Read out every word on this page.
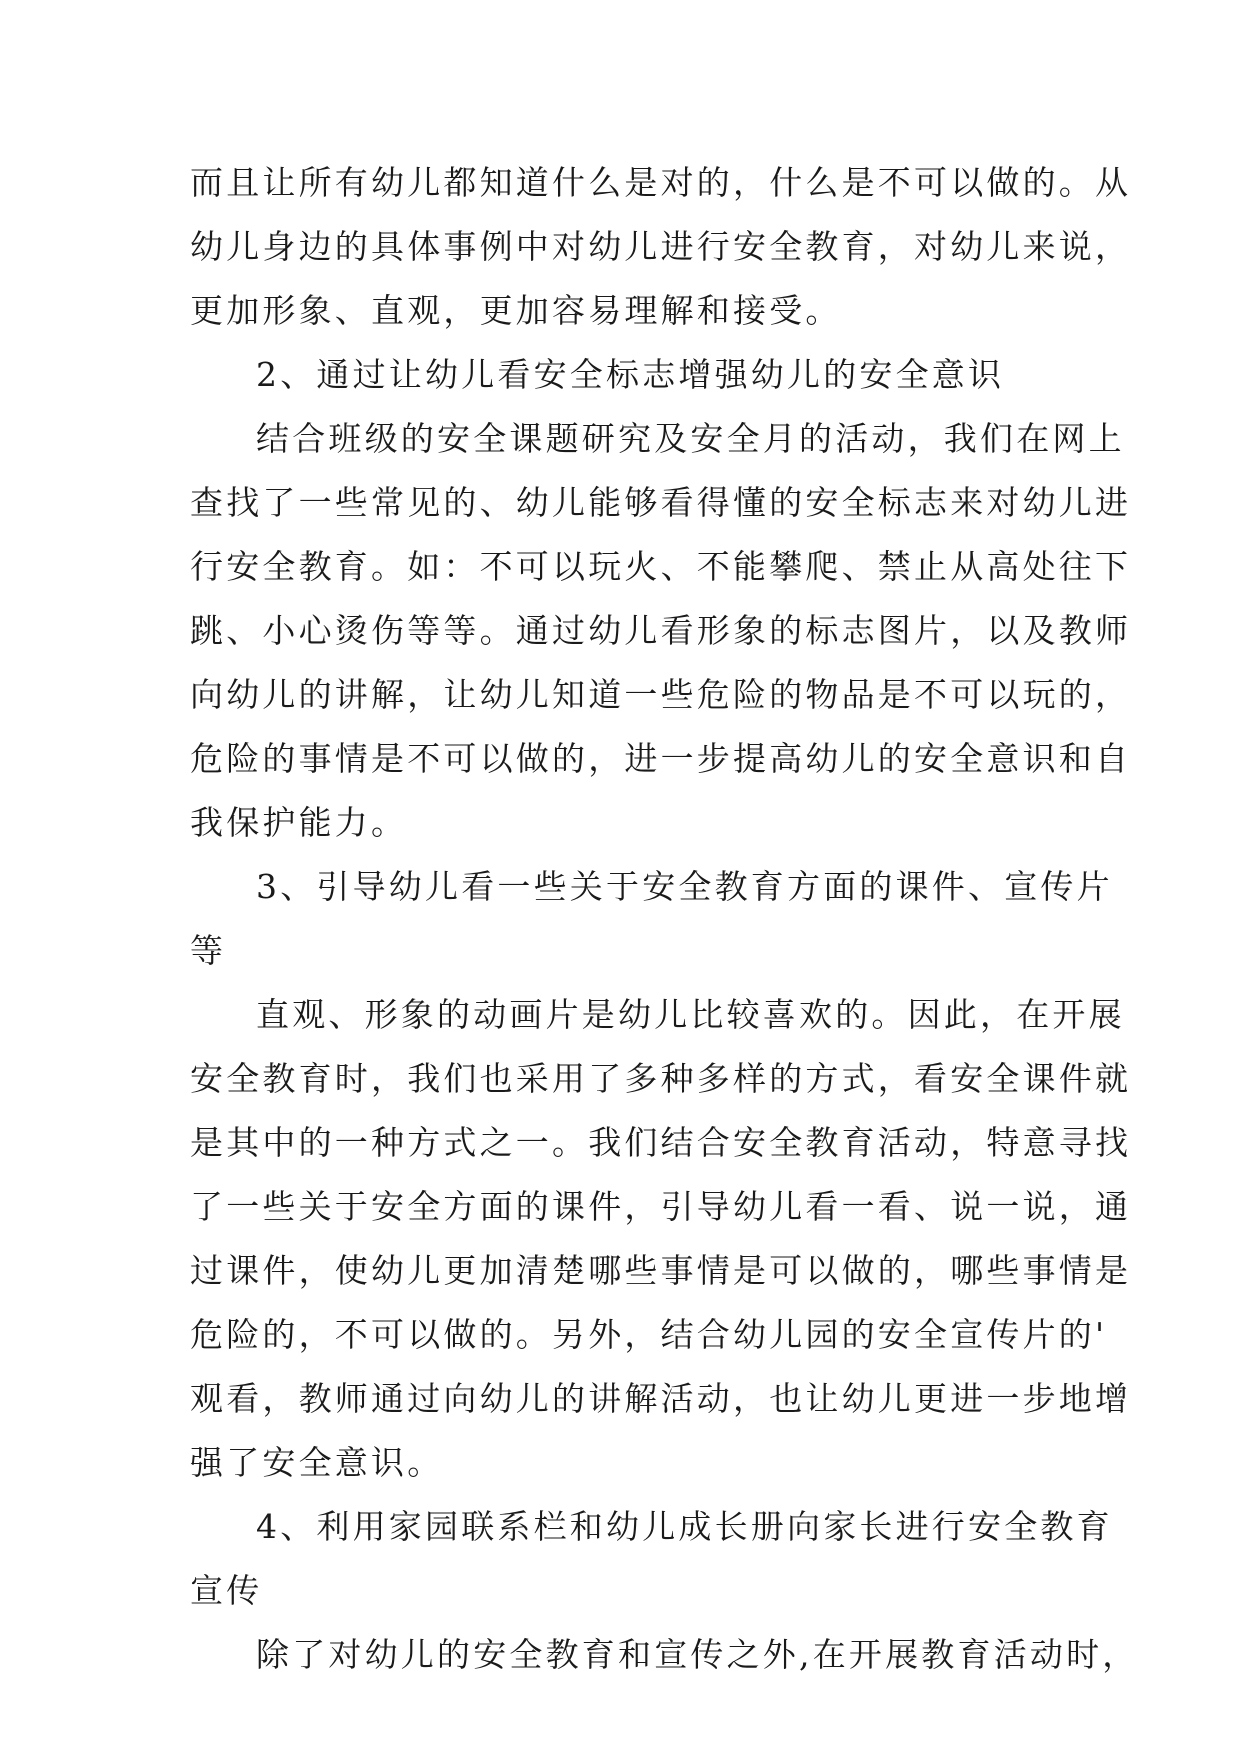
而且让所有幼儿都知道什么是对的，什么是不可以做的。从
幼儿身边的具体事例中对幼儿进行安全教育，对幼儿来说，
更加形象、直观，更加容易理解和接受。
2、通过让幼儿看安全标志增强幼儿的安全意识
结合班级的安全课题研究及安全月的活动，我们在网上
查找了一些常见的、幼儿能够看得懂的安全标志来对幼儿进
行安全教育。如：不可以玩火、不能攀爬、禁止从高处往下
跳、小心烫伤等等。通过幼儿看形象的标志图片，以及教师
向幼儿的讲解，让幼儿知道一些危险的物品是不可以玩的，
危险的事情是不可以做的，进一步提高幼儿的安全意识和自
我保护能力。
3、引导幼儿看一些关于安全教育方面的课件、宣传片
等
直观、形象的动画片是幼儿比较喜欢的。因此，在开展
安全教育时，我们也采用了多种多样的方式，看安全课件就
是其中的一种方式之一。我们结合安全教育活动，特意寻找
了一些关于安全方面的课件，引导幼儿看一看、说一说，通
过课件，使幼儿更加清楚哪些事情是可以做的，哪些事情是
危险的，不可以做的。另外，结合幼儿园的安全宣传片的'
观看，教师通过向幼儿的讲解活动，也让幼儿更进一步地增
强了安全意识。
4、利用家园联系栏和幼儿成长册向家长进行安全教育
宣传
除了对幼儿的安全教育和宣传之外,在开展教育活动时，
